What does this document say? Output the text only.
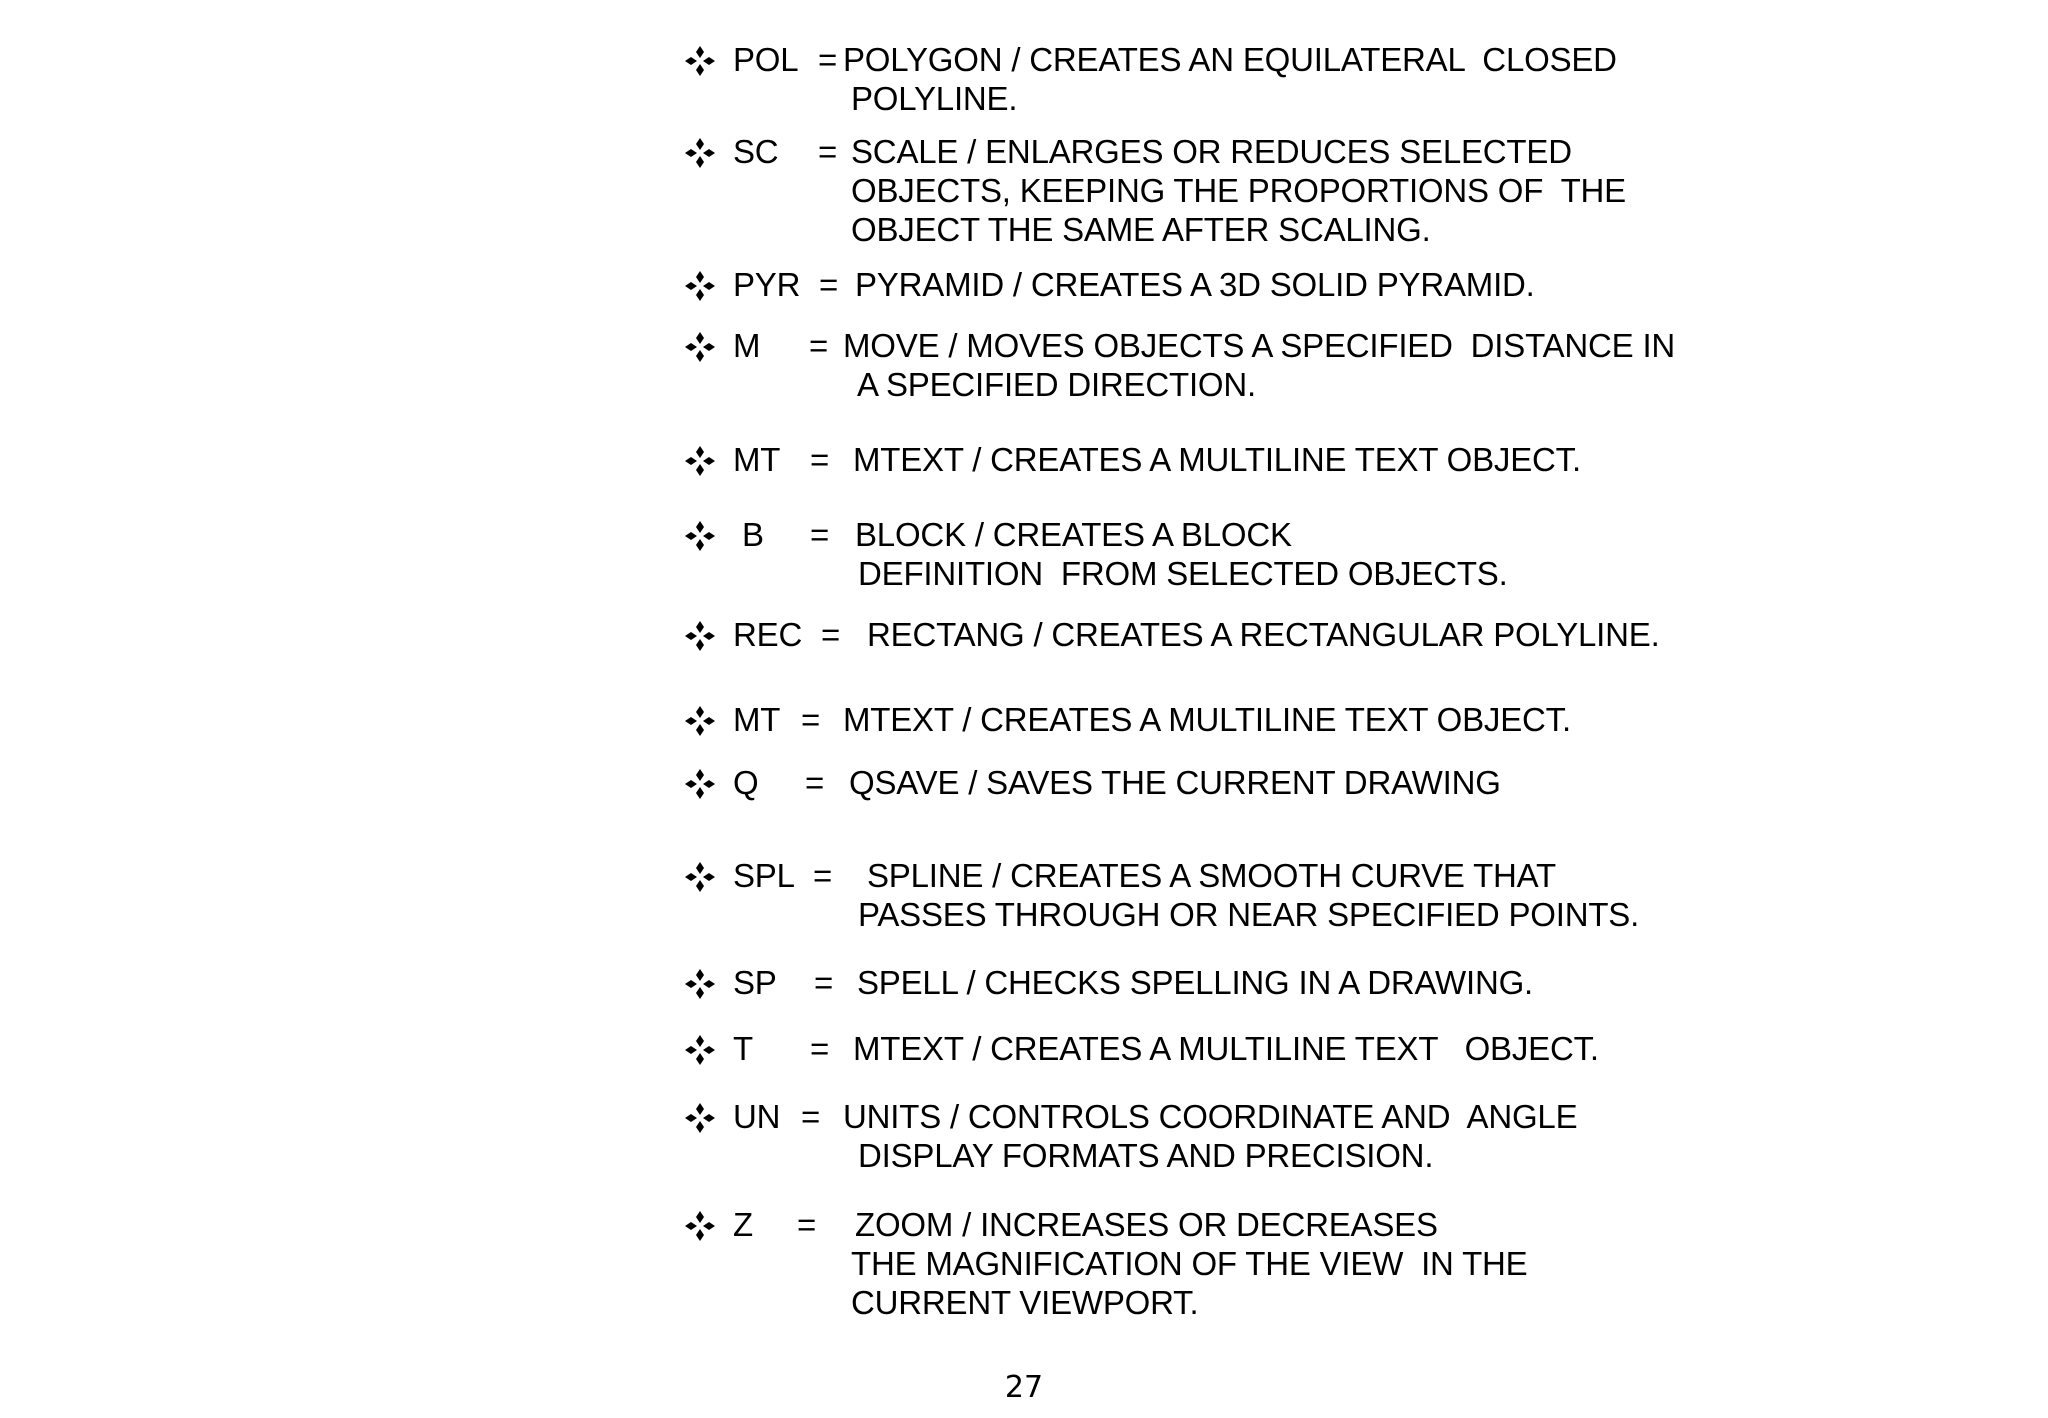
POL = POLYGON / CREATES AN EQUILATERAL  CLOSED
POLYLINE.
SC = SCALE / ENLARGES OR REDUCES SELECTED
OBJECTS, KEEPING THE PROPORTIONS OF  THE
OBJECT THE SAME AFTER SCALING.
PYR = PYRAMID / CREATES A 3D SOLID PYRAMID.
M = MOVE / MOVES OBJECTS A SPECIFIED  DISTANCE IN
A SPECIFIED DIRECTION.
MT = MTEXT / CREATES A MULTILINE TEXT OBJECT.
B = BLOCK / CREATES A BLOCK
DEFINITION  FROM SELECTED OBJECTS.
REC = RECTANG / CREATES A RECTANGULAR POLYLINE.
MT = MTEXT / CREATES A MULTILINE TEXT OBJECT.
Q = QSAVE / SAVES THE CURRENT DRAWING
SPL = SPLINE / CREATES A SMOOTH CURVE THAT
PASSES THROUGH OR NEAR SPECIFIED POINTS.
SP = SPELL / CHECKS SPELLING IN A DRAWING.
T = MTEXT / CREATES A MULTILINE TEXT   OBJECT.
UN = UNITS / CONTROLS COORDINATE AND  ANGLE
DISPLAY FORMATS AND PRECISION.
Z = ZOOM / INCREASES OR DECREASES
THE MAGNIFICATION OF THE VIEW  IN THE
CURRENT VIEWPORT.
27
